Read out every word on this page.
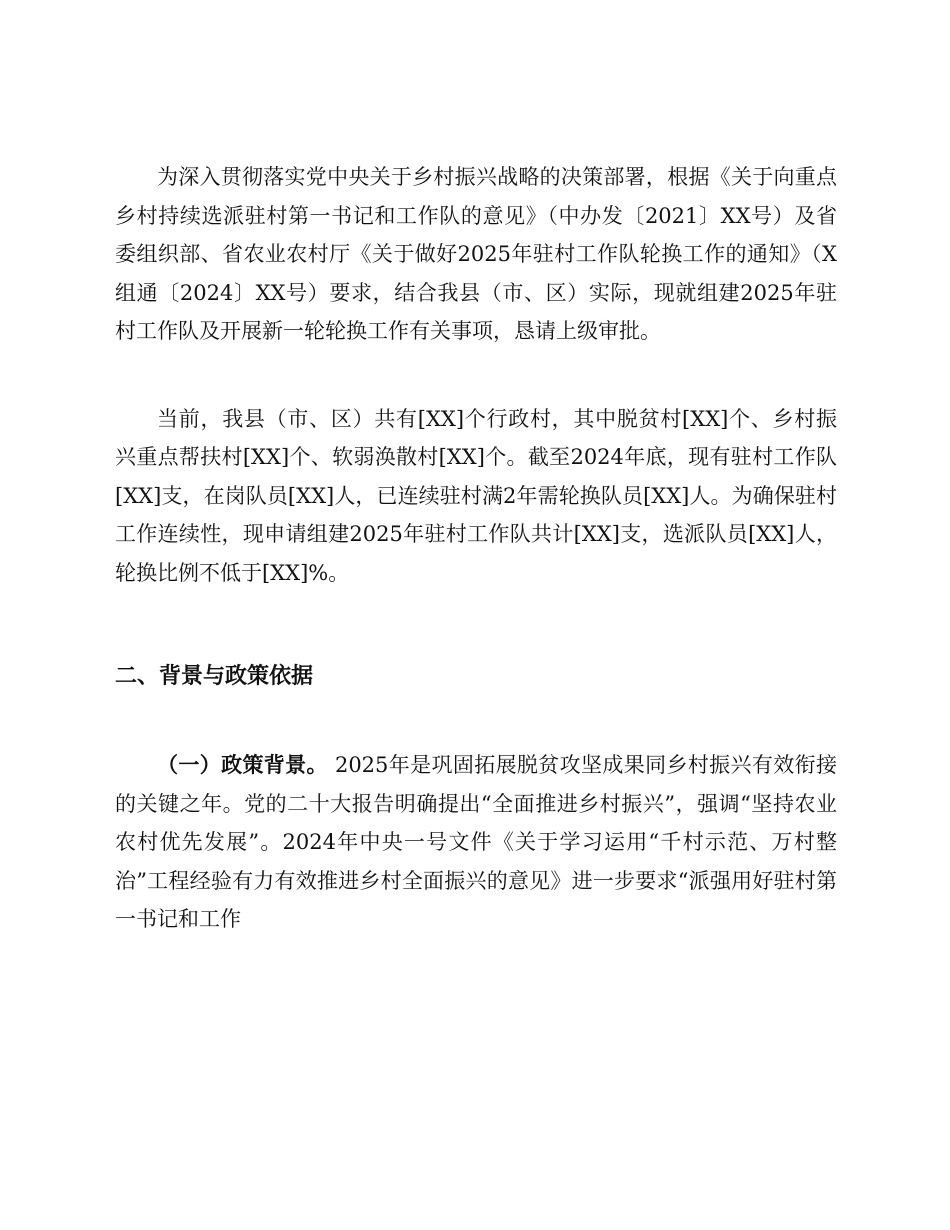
为深入贯彻落实党中央关于乡村振兴战略的决策部署，根据《关于向重点乡村持续选派驻村第一书记和工作队的意见》（中办发〔2021〕XX号）及省委组织部、省农业农村厅《关于做好2025年驻村工作队轮换工作的通知》（X组通〔2024〕XX号）要求，结合我县（市、区）实际，现就组建2025年驻村工作队及开展新一轮轮换工作有关事项，恳请上级审批。

当前，我县（市、区）共有[XX]个行政村，其中脱贫村[XX]个、乡村振兴重点帮扶村[XX]个、软弱涣散村[XX]个。截至2024年底，现有驻村工作队[XX]支，在岗队员[XX]人，已连续驻村满2年需轮换队员[XX]人。为确保驻村工作连续性，现申请组建2025年驻村工作队共计[XX]支，选派队员[XX]人，轮换比例不低于[XX]%。

二、背景与政策依据

（一）政策背景。 2025年是巩固拓展脱贫攻坚成果同乡村振兴有效衔接的关键之年。党的二十大报告明确提出“全面推进乡村振兴”，强调“坚持农业农村优先发展”。2024年中央一号文件《关于学习运用“千村示范、万村整治”工程经验有力有效推进乡村全面振兴的意见》进一步要求“派强用好驻村第一书记和工作
